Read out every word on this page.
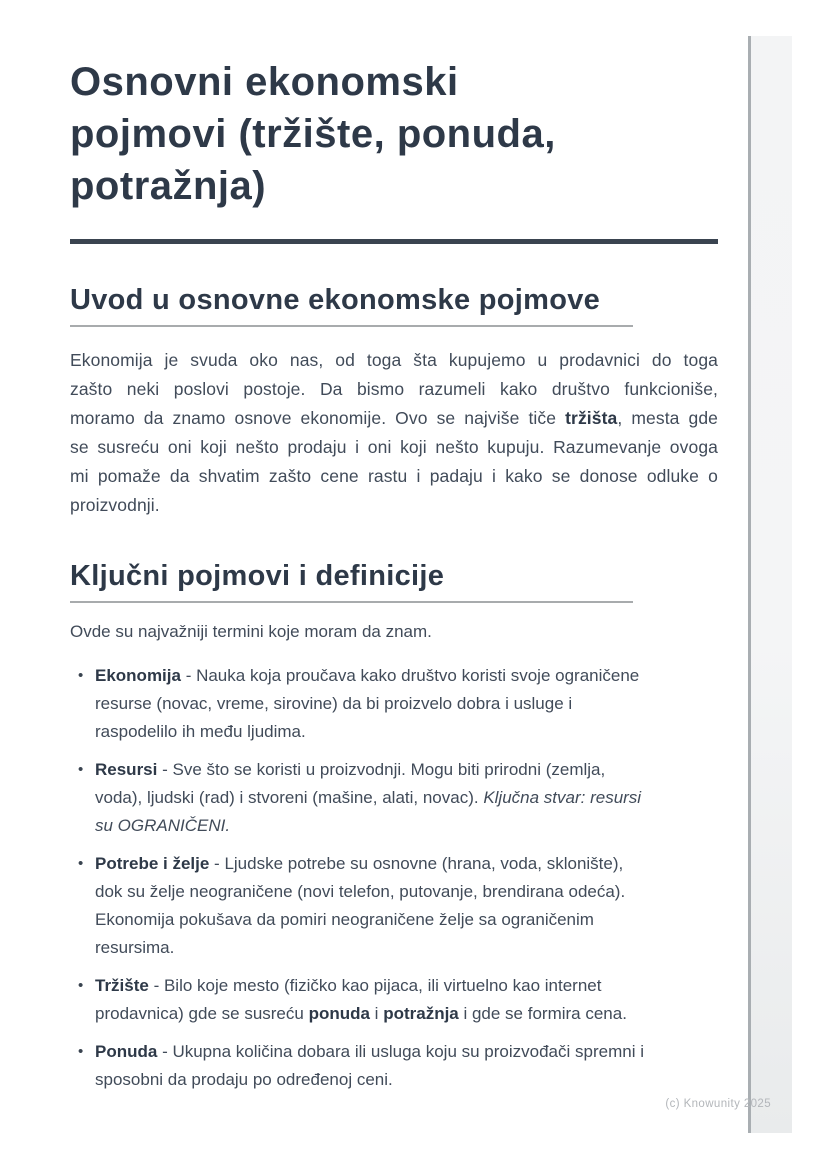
Osnovni ekonomski
pojmovi (tržište, ponuda,
potražnja)
Uvod u osnovne ekonomske pojmove

Ekonomija je svuda oko nas, od toga šta kupujemo u prodavnici do toga zašto neki poslovi postoje. Da bismo razumeli kako društvo funkcioniše, moramo da znamo osnove ekonomije. Ovo se najviše tiče tržišta, mesta gde se susreću oni koji nešto prodaju i oni koji nešto kupuju. Razumevanje ovoga mi pomaže da shvatim zašto cene rastu i padaju i kako se donose odluke o proizvodnji.

Ključni pojmovi i definicije

Ovde su najvažniji termini koje moram da znam.

• Ekonomija - Nauka koja proučava kako društvo koristi svoje ograničene resurse (novac, vreme, sirovine) da bi proizvelo dobra i usluge i raspodelilo ih među ljudima.
• Resursi - Sve što se koristi u proizvodnji. Mogu biti prirodni (zemlja, voda), ljudski (rad) i stvoreni (mašine, alati, novac). Ključna stvar: resursi su OGRANIČENI.
• Potrebe i želje - Ljudske potrebe su osnovne (hrana, voda, sklonište), dok su želje neograničene (novi telefon, putovanje, brendirana odeća). Ekonomija pokušava da pomiri neograničene želje sa ograničenim resursima.
• Tržište - Bilo koje mesto (fizičko kao pijaca, ili virtuelno kao internet prodavnica) gde se susreću ponuda i potražnja i gde se formira cena.
• Ponuda - Ukupna količina dobara ili usluga koju su proizvođači spremni i sposobni da prodaju po određenoj ceni.
(c) Knowunity 2025
